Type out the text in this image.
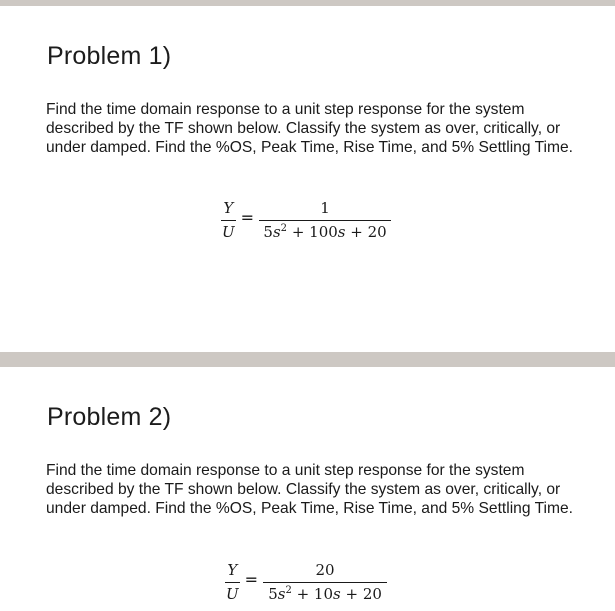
Problem 1)
Find the time domain response to a unit step response for the system described by the TF shown below. Classify the system as over, critically, or under damped. Find the %OS, Peak Time, Rise Time, and 5% Settling Time.
$\frac{Y}{U} = \frac{1}{5s^2 + 100s + 20}$
Problem 2)
Find the time domain response to a unit step response for the system described by the TF shown below. Classify the system as over, critically, or under damped. Find the %OS, Peak Time, Rise Time, and 5% Settling Time.
$\frac{Y}{U} = \frac{20}{5s^2 + 10s + 20}$
